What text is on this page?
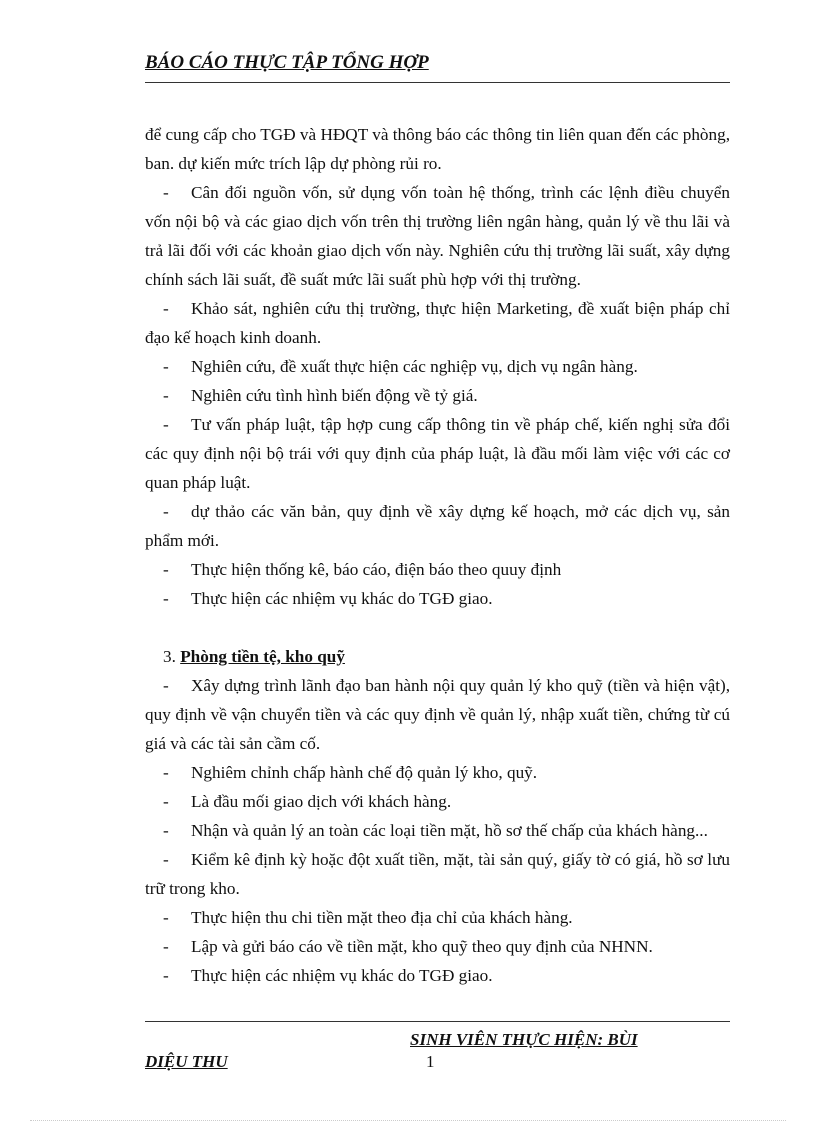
BÁO CÁO THỰC TẬP TỔNG HỢP

để cung cấp cho TGĐ và HĐQT và thông báo các thông tin liên quan đến các phòng, ban. dự kiến mức trích lập dự phòng rủi ro.

- Cân đối nguồn vốn, sử dụng vốn toàn hệ thống, trình các lệnh điều chuyển vốn nội bộ và các giao dịch vốn trên thị trường liên ngân hàng, quản lý về thu lãi và trả lãi đối với các khoản giao dịch vốn này. Nghiên cứu thị trường lãi suất, xây dựng chính sách lãi suất, đề suất mức lãi suất phù hợp với thị trường.

- Khảo sát, nghiên cứu thị trường, thực hiện Marketing, đề xuất biện pháp chỉ đạo kế hoạch kinh doanh.

- Nghiên cứu, đề xuất thực hiện các nghiệp vụ, dịch vụ ngân hàng.

- Nghiên cứu tình hình biến động về tỷ giá.

- Tư vấn pháp luật, tập hợp cung cấp thông tin về pháp chế, kiến nghị sửa đổi các quy định nội bộ trái với quy định của pháp luật, là đầu mối làm việc với các cơ quan pháp luật.

- dự thảo các văn bản, quy định về xây dựng kế hoạch, mở các dịch vụ, sản phẩm mới.

- Thực hiện thống kê, báo cáo, điện báo theo quuy định

- Thực hiện các nhiệm vụ khác do TGĐ giao.

3. Phòng tiền tệ, kho quỹ

- Xây dựng trình lãnh đạo ban hành nội quy quản lý kho quỹ (tiền và hiện vật), quy định về vận chuyển tiền và các quy định về quản lý, nhập xuất tiền, chứng từ cú giá và các tài sản cầm cố.

- Nghiêm chỉnh chấp hành chế độ quản lý kho, quỹ.

- Là đầu mối giao dịch với khách hàng.

- Nhận và quản lý an toàn các loại tiền mặt, hồ sơ thế chấp của khách hàng...

- Kiểm kê định kỳ hoặc đột xuất tiền, mặt, tài sản quý, giấy tờ có giá, hồ sơ lưu trữ trong kho.

- Thực hiện thu chi tiền mặt theo địa chỉ của khách hàng.

- Lập và gửi báo cáo về tiền mặt, kho quỹ theo quy định của NHNN.

- Thực hiện các nhiệm vụ khác do TGĐ giao.

SINH VIÊN THỰC HIỆN: BÙI
DIỆU THU	1
